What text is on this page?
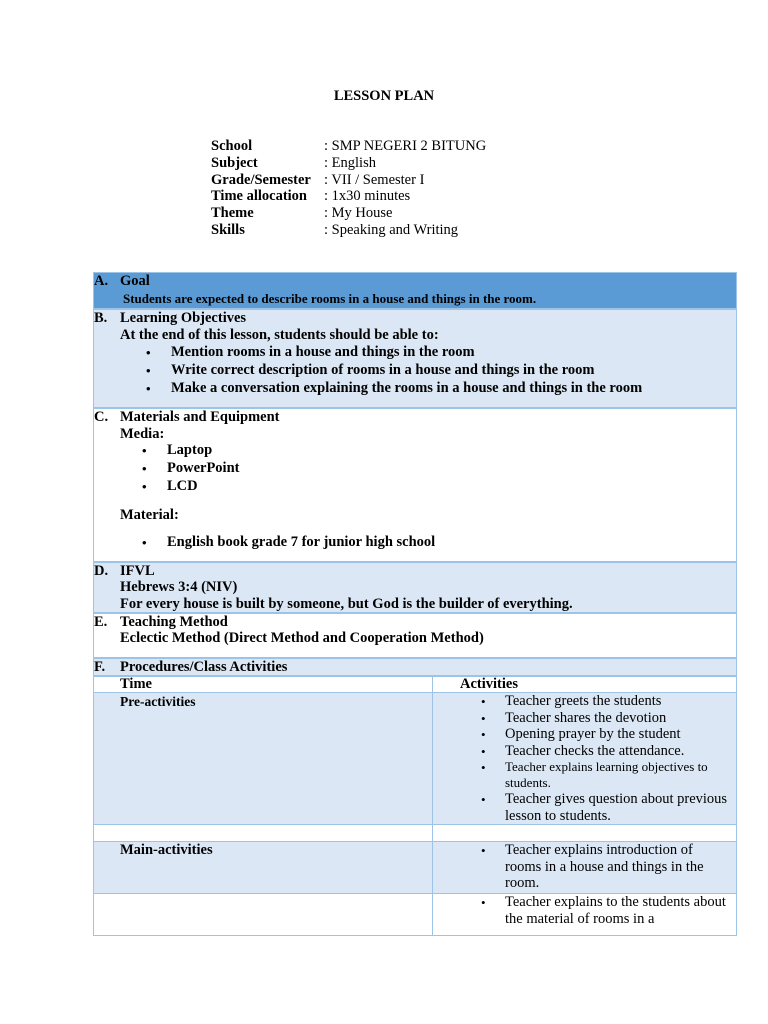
LESSON PLAN
School	: SMP NEGERI 2 BITUNG
Subject	: English
Grade/Semester	: VII / Semester I
Time allocation	: 1x30 minutes
Theme	: My House
Skills	: Speaking and Writing
A. Goal
Students are expected to describe rooms in a house and things in the room.
B. Learning Objectives
At the end of this lesson, students should be able to:
• Mention rooms in a house and things in the room
• Write correct description of rooms in a house and things in the room
• Make a conversation explaining the rooms in a house and things in the room
C. Materials and Equipment
Media:
• Laptop
• PowerPoint
• LCD
Material:
• English book grade 7 for junior high school
D. IFVL
Hebrews 3:4 (NIV)
For every house is built by someone, but God is the builder of everything.
E. Teaching Method
Eclectic Method (Direct Method and Cooperation Method)
F. Procedures/Class Activities
Time	Activities
Pre-activities	• Teacher greets the students
• Teacher shares the devotion
• Opening prayer by the student
• Teacher checks the attendance.
• Teacher explains learning objectives to students.
• Teacher gives question about previous lesson to students.
Main-activities	• Teacher explains introduction of rooms in a house and things in the room.
• Teacher explains to the students about the material of rooms in a
